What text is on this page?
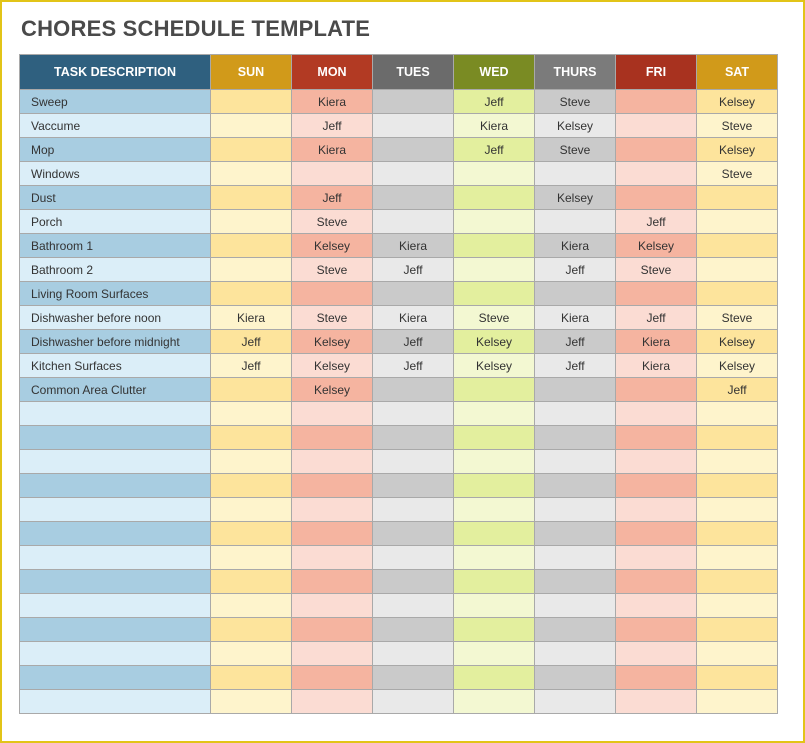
CHORES SCHEDULE TEMPLATE
TASK DESCRIPTION	SUN	MON	TUES	WED	THURS	FRI	SAT
Sweep		Kiera		Jeff	Steve		Kelsey
Vaccume		Jeff		Kiera	Kelsey		Steve
Mop		Kiera		Jeff	Steve		Kelsey
Windows							Steve
Dust		Jeff			Kelsey		
Porch		Steve				Jeff	
Bathroom 1		Kelsey	Kiera		Kiera	Kelsey	
Bathroom 2		Steve	Jeff		Jeff	Steve	
Living Room Surfaces							
Dishwasher before noon	Kiera	Steve	Kiera	Steve	Kiera	Jeff	Steve
Dishwasher before midnight	Jeff	Kelsey	Jeff	Kelsey	Jeff	Kiera	Kelsey
Kitchen Surfaces	Jeff	Kelsey	Jeff	Kelsey	Jeff	Kiera	Kelsey
Common Area Clutter		Kelsey					Jeff
